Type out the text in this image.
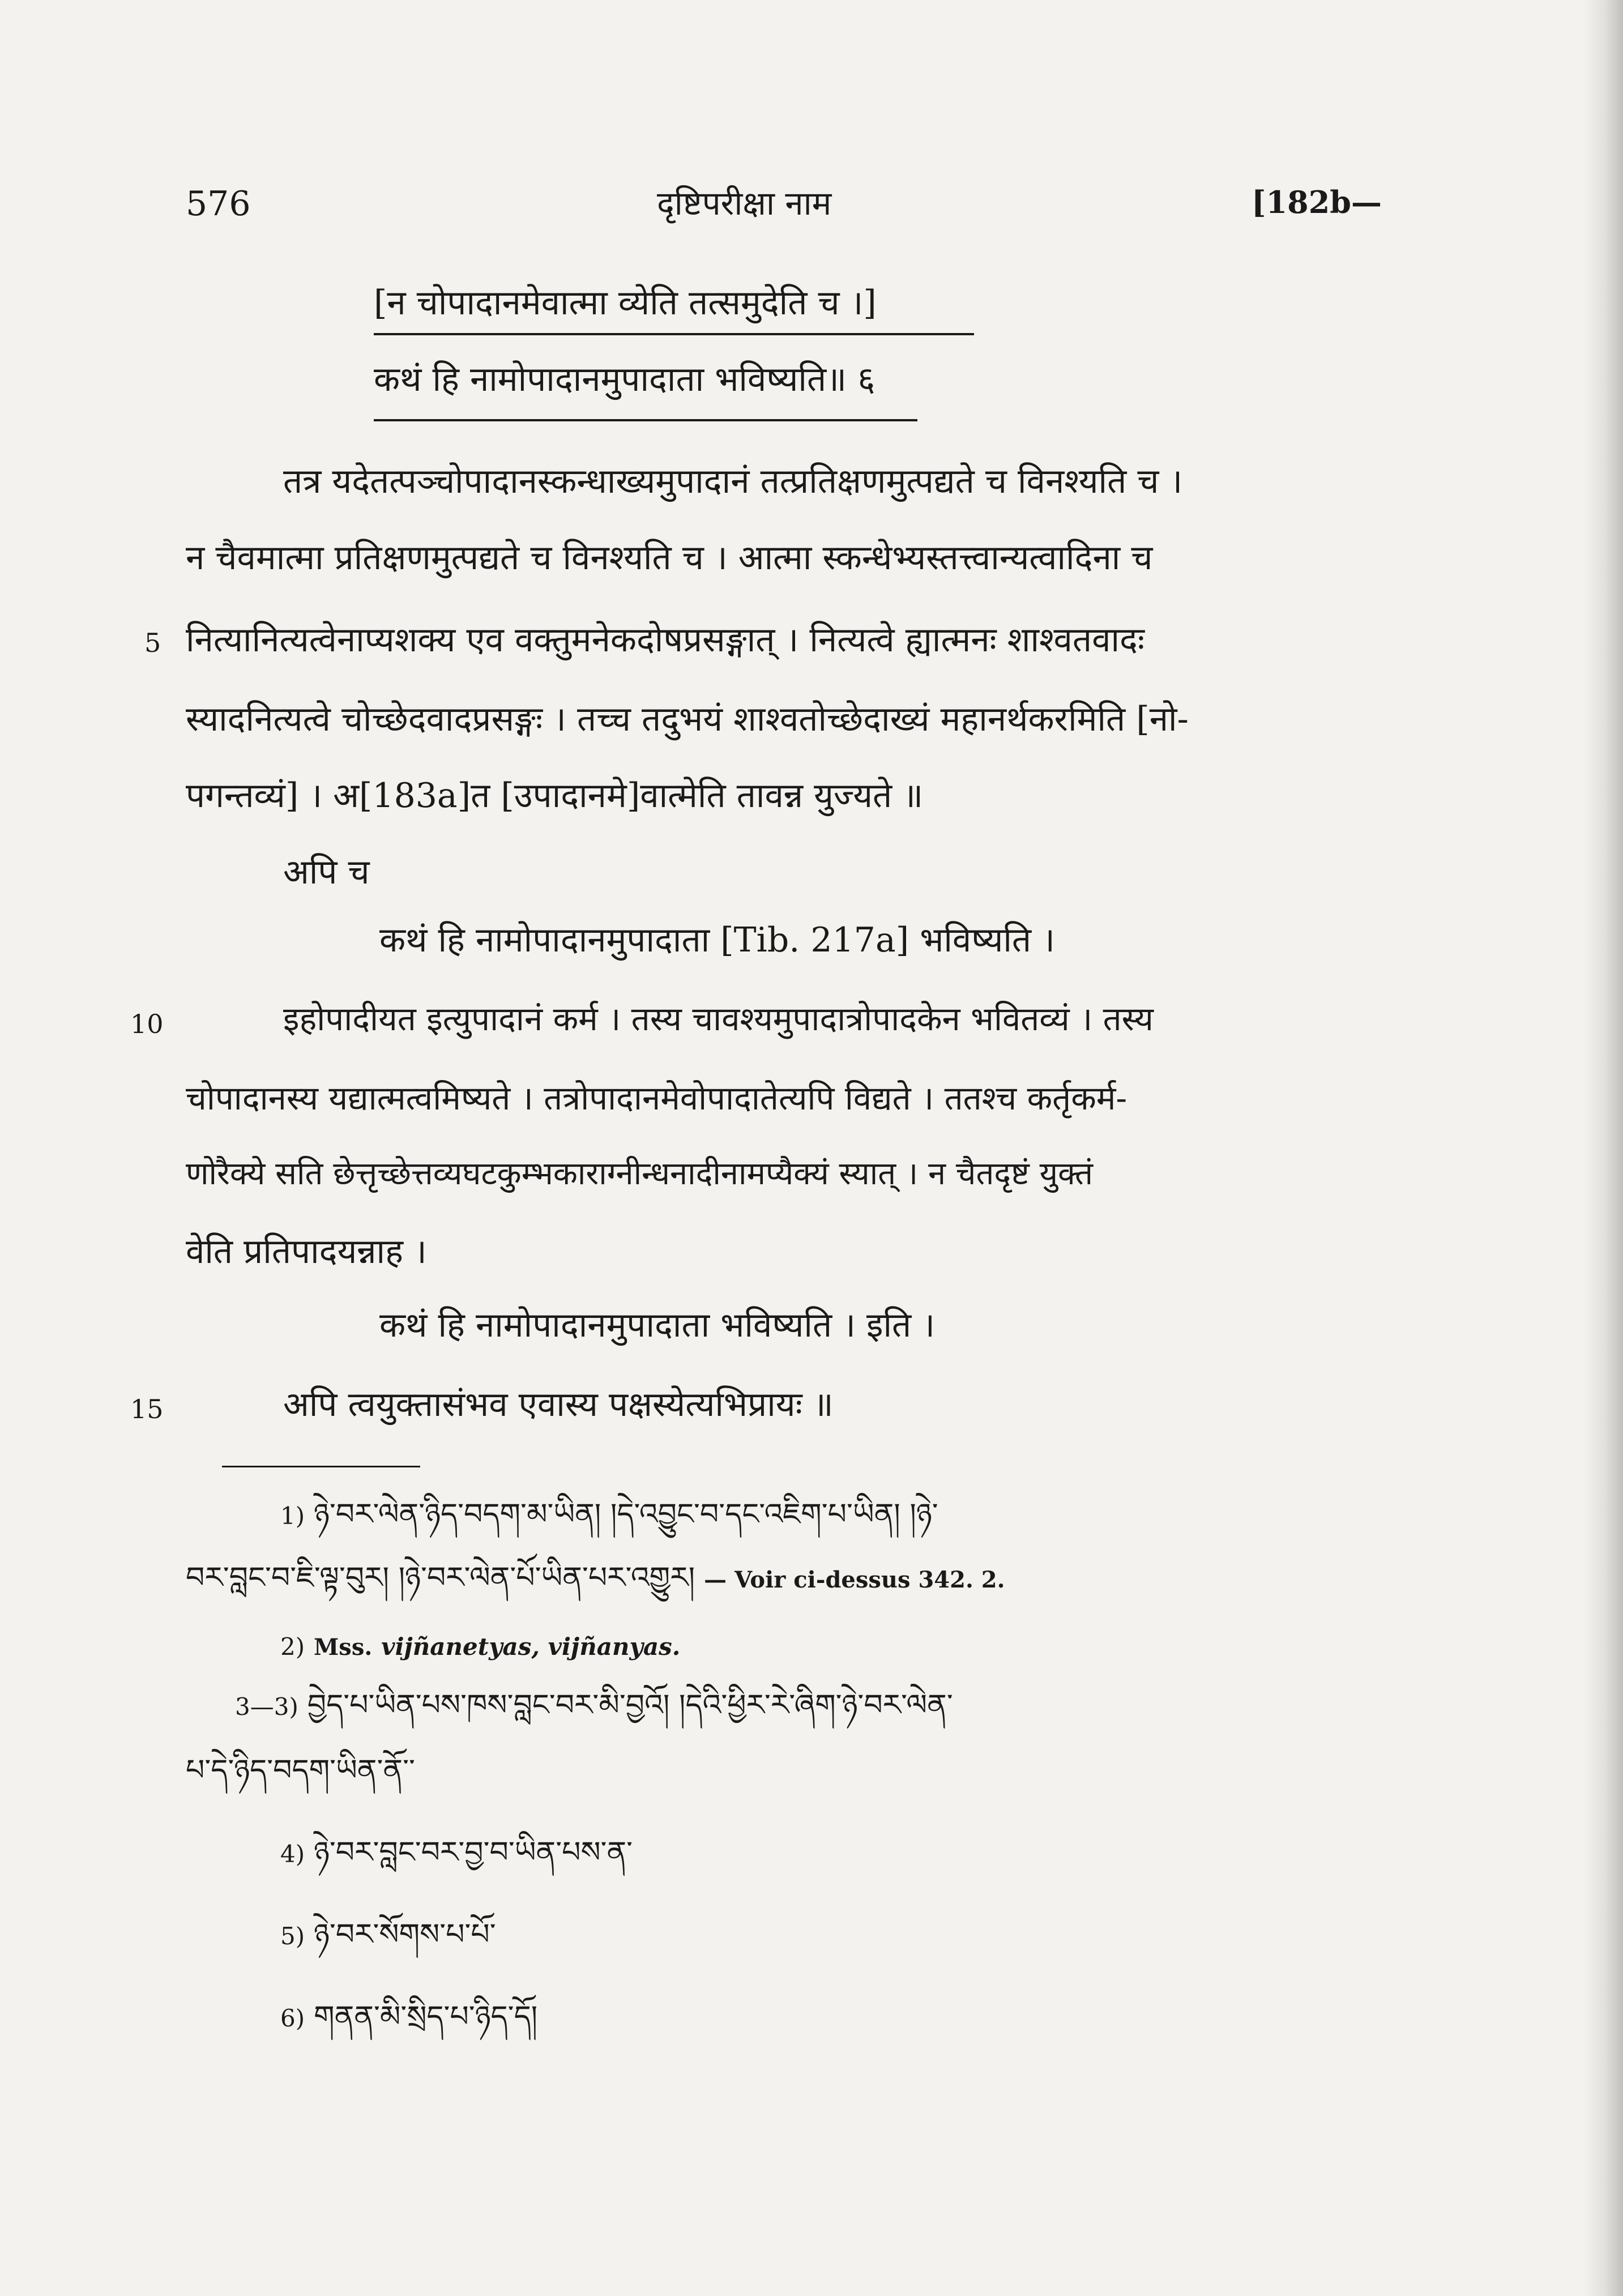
576	दृष्टिपरीक्षा नाम	[182b—
[न चोपादानमेवात्मा व्येति तत्समुदेति च ।]
कथं हि नामोपादानमुपादाता भविष्यति॥ ६
तत्र यदेतत्पञ्चोपादानस्कन्धाख्यमुपादानं तत्प्रतिक्षणमुत्पद्यते च विनश्यति च ।
न चैवमात्मा प्रतिक्षणमुत्पद्यते च विनश्यति च । आत्मा स्कन्धेभ्यस्तत्त्वान्यत्वादिना च
5 नित्यानित्यत्वेनाप्यशक्य एव वक्तुमनेकदोषप्रसङ्गात् । नित्यत्वे ह्यात्मनः शाश्वतवादः
स्यादनित्यत्वे चोच्छेदवादप्रसङ्गः । तच्च तदुभयं शाश्वतोच्छेदाख्यं महानर्थकरमिति [नो-
पगन्तव्यं] । अ[183a]त [उपादानमे]वात्मेति तावन्न युज्यते ॥
अपि च
कथं हि नामोपादानमुपादाता [Tib. 217a] भविष्यति ।
10	इहोपादीयत इत्युपादानं कर्म । तस्य चावश्यमुपादात्रोपादकेन भवितव्यं । तस्य
चोपादानस्य यद्यात्मत्वमिष्यते । तत्रोपादानमेवोपादातेत्यपि विद्यते । ततश्च कर्तृकर्म-
णोरैक्ये सति छेत्तृच्छेत्तव्यघटकुम्भकाराग्नीन्धनादीनामप्यैक्यं स्यात् । न चैतदृष्टं युक्तं
वेति प्रतिपादयन्नाह ।
कथं हि नामोपादानमुपादाता भविष्यति । इति ।
15	अपि त्वयुक्तासंभव एवास्य पक्षस्येत्यभिप्रायः ॥
1) ཉེ་བར་ལེན་ཉིད་བདག་མ་ཡིན། །དེ་འབྱུང་བ་དང་འཇིག་པ་ཡིན། །ཉེ་
བར་བླང་བ་ཇི་ལྟ་བུར། །ཉེ་བར་ལེན་པོ་ཡིན་པར་འགྱུར། — Voir ci-dessus 342. 2.
2) Mss. vijñanetyas, vijñanyas.
3—3) བྱེད་པ་ཡིན་པས་ཁས་བླང་བར་མི་བྱའོ། །དེའི་ཕྱིར་རེ་ཞིག་ཉེ་བར་ལེན་
པ་དེ་ཉིད་བདག་ཡིན་ནོ་་
4) ཉེ་བར་བླང་བར་བྱ་བ་ཡིན་པས་ན་
5) ཉེ་བར་སོགས་པ་པོ་
6) གནན་མི་སྲིད་པ་ཉིད་དོ།
